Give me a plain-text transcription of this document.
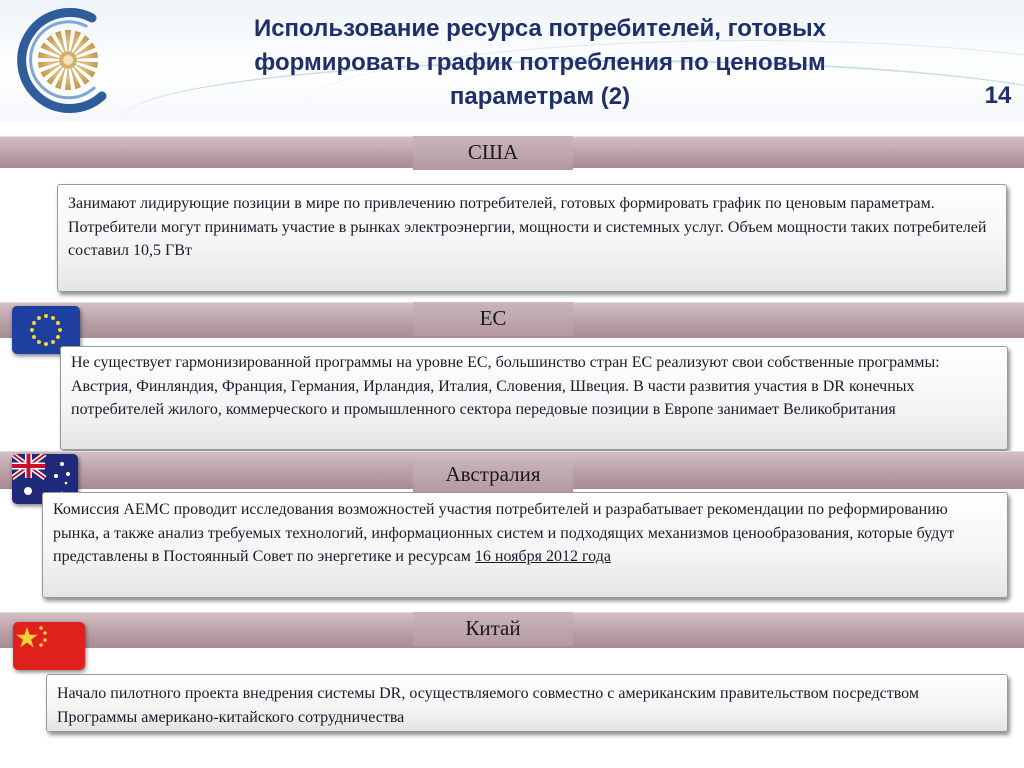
Использование ресурса потребителей, готовых
формировать график потребления по ценовым
параметрам (2)	14
США
Занимают лидирующие позиции в мире по привлечению потребителей, готовых формировать график по ценовым параметрам. Потребители могут принимать участие в рынках электроэнергии, мощности и системных услуг. Объем мощности таких потребителей составил 10,5 ГВт
ЕС
Не существует гармонизированной программы на уровне ЕС, большинство стран ЕС реализуют свои собственные программы: Австрия, Финляндия, Франция, Германия, Ирландия, Италия, Словения, Швеция. В части развития участия в DR конечных потребителей жилого, коммерческого и промышленного сектора передовые позиции в Европе занимает Великобритания
Австралия
Комиссия AEMC проводит исследования возможностей участия потребителей и разрабатывает рекомендации по реформированию рынка, а также анализ требуемых технологий, информационных систем и подходящих механизмов ценообразования, которые будут представлены в Постоянный Совет по энергетике и ресурсам 16 ноября 2012 года
Китай
Начало пилотного проекта внедрения системы DR, осуществляемого совместно с американским правительством посредством Программы американо-китайского сотрудничества
